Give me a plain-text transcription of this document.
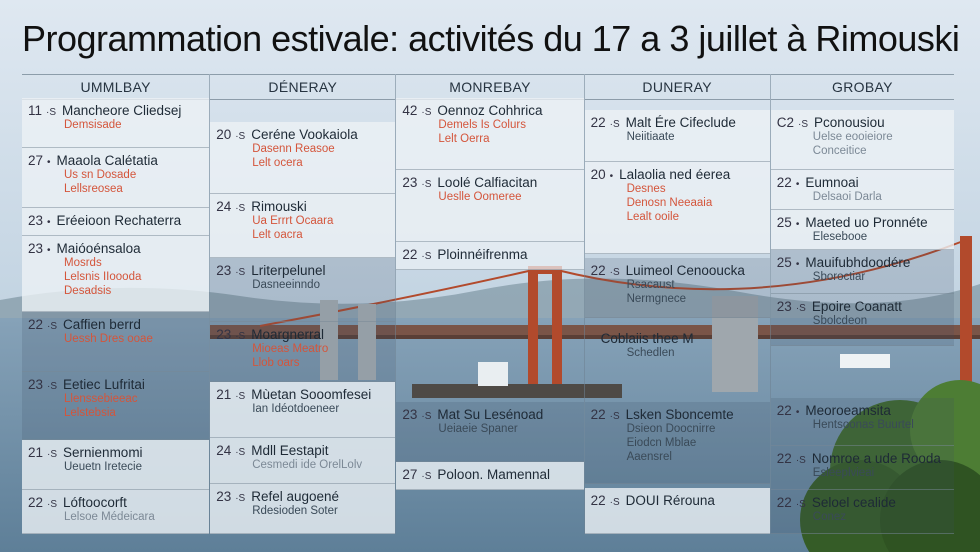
Programmation estivale: activités du 17 a 3 juillet à Rimouski
UMMLBAY
11 ·S Mancheore Cliedsej
Demsisade
27 • Maaola Calétatia
Us sn Dosade
Lellsreosea
23 • Eréeioon Rechaterra
23 • Maióoénsaloa
Mosrds
Lelsnis IIoooda
Desadsis
22 ·S Caffien berrd
Uessh Dres ooae
23 ·S Eetiec Lufritai
Llenssebieeac
Lelstebsia
21 ·S Sernienmomi
Ueuetn Iretecie
22 ·S Lóftoocorft
Lelsoe Médeicara
DÉNERAY
20 ·S Ceréne Vookaiola
Dasenn Reasoe
Lelt ocera
24 ·S Rimouski
Ua Errrt Ocaara
Lelt oacra
23 ·S Lriterpelunel
Dasneeinndo
23 ·S Moargnerral
Mioeas Meatro
Llob oars
21 ·S Mùetan Sooomfesei
Ian Idéotdoeneer
24 ·S Mdll Eestapit
Cesmedi ide OrelLolv
23 ·S Refel augoené
Rdesioden Soter
MONREBAY
42 ·S Oennoz Cohhrica
Demels Is Colurs
Lelt Oerra
23 ·S Loolé Calfiacitan
Ueslle Oomeree
22 ·S Ploinnéifrenma
23 ·S Mat Su Lesénoad
Ueiaeie Spaner
27 ·S Poloon. Mamennal
DUNERAY
22 ·S Malt Ére Cifeclude
Neiitiaate
20 • Lalaolia ned éerea
Desnes
Denosn Neeaaia
Lealt ooile
22 ·S Luimeol Cenooucka
Rsacaust
Nermgnece
Coblaiis thee M
Schedlen
22 ·S Lsken Sboncemte
Dsieon Doocnirre
Eiodcn Mblae
Aaensrel
22 ·S DOUI Rérouna
GROBAY
C2 ·S Pconousiou
Uelse eooieiore
Conceitice
22 • Eumnoai
Delsaoi Darla
25 • Maeted uo Pronnéte
Elesebooe
25 • Mauifubhdoodére
Sboroctiar
23 ·S Epoire Coanatt
Sbolcdeon
22 • Meoroeamsita
Hentsoonas Buurtel
22 ·S Nomroe a ude Rooda
Esleeplvieai
22 ·S Seloel cealide
Conez
